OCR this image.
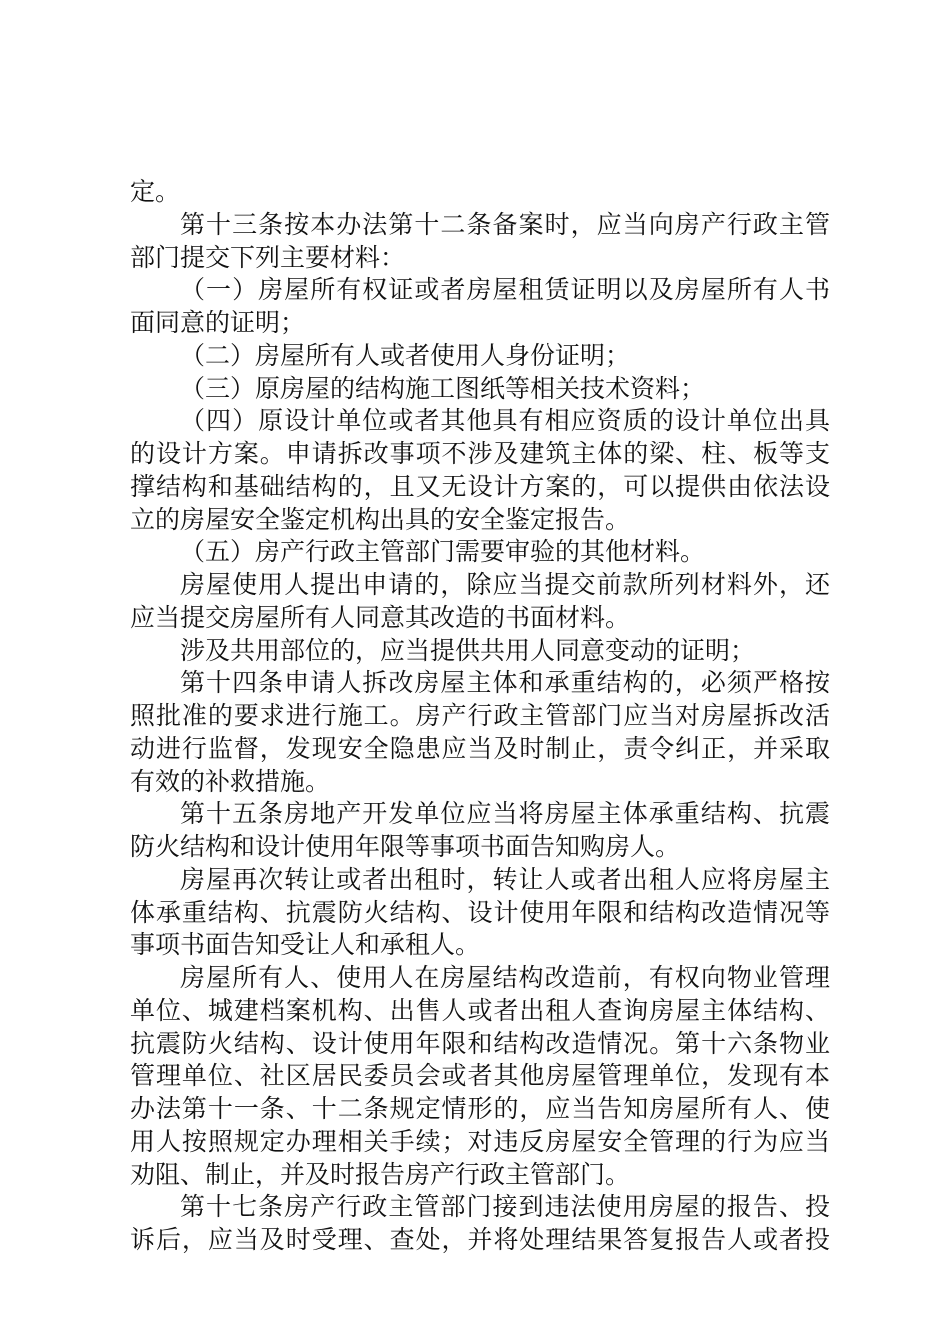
定。
第十三条按本办法第十二条备案时，应当向房产行政主管
部门提交下列主要材料：
（一）房屋所有权证或者房屋租赁证明以及房屋所有人书
面同意的证明；
（二）房屋所有人或者使用人身份证明；
（三）原房屋的结构施工图纸等相关技术资料；
（四）原设计单位或者其他具有相应资质的设计单位出具
的设计方案。申请拆改事项不涉及建筑主体的梁、柱、板等支
撑结构和基础结构的，且又无设计方案的，可以提供由依法设
立的房屋安全鉴定机构出具的安全鉴定报告。
（五）房产行政主管部门需要审验的其他材料。
房屋使用人提出申请的，除应当提交前款所列材料外，还
应当提交房屋所有人同意其改造的书面材料。
涉及共用部位的，应当提供共用人同意变动的证明；
第十四条申请人拆改房屋主体和承重结构的，必须严格按
照批准的要求进行施工。房产行政主管部门应当对房屋拆改活
动进行监督，发现安全隐患应当及时制止，责令纠正，并采取
有效的补救措施。
第十五条房地产开发单位应当将房屋主体承重结构、抗震
防火结构和设计使用年限等事项书面告知购房人。
房屋再次转让或者出租时，转让人或者出租人应将房屋主
体承重结构、抗震防火结构、设计使用年限和结构改造情况等
事项书面告知受让人和承租人。
房屋所有人、使用人在房屋结构改造前，有权向物业管理
单位、城建档案机构、出售人或者出租人查询房屋主体结构、
抗震防火结构、设计使用年限和结构改造情况。第十六条物业
管理单位、社区居民委员会或者其他房屋管理单位，发现有本
办法第十一条、十二条规定情形的，应当告知房屋所有人、使
用人按照规定办理相关手续；对违反房屋安全管理的行为应当
劝阻、制止，并及时报告房产行政主管部门。
第十七条房产行政主管部门接到违法使用房屋的报告、投
诉后，应当及时受理、查处，并将处理结果答复报告人或者投
